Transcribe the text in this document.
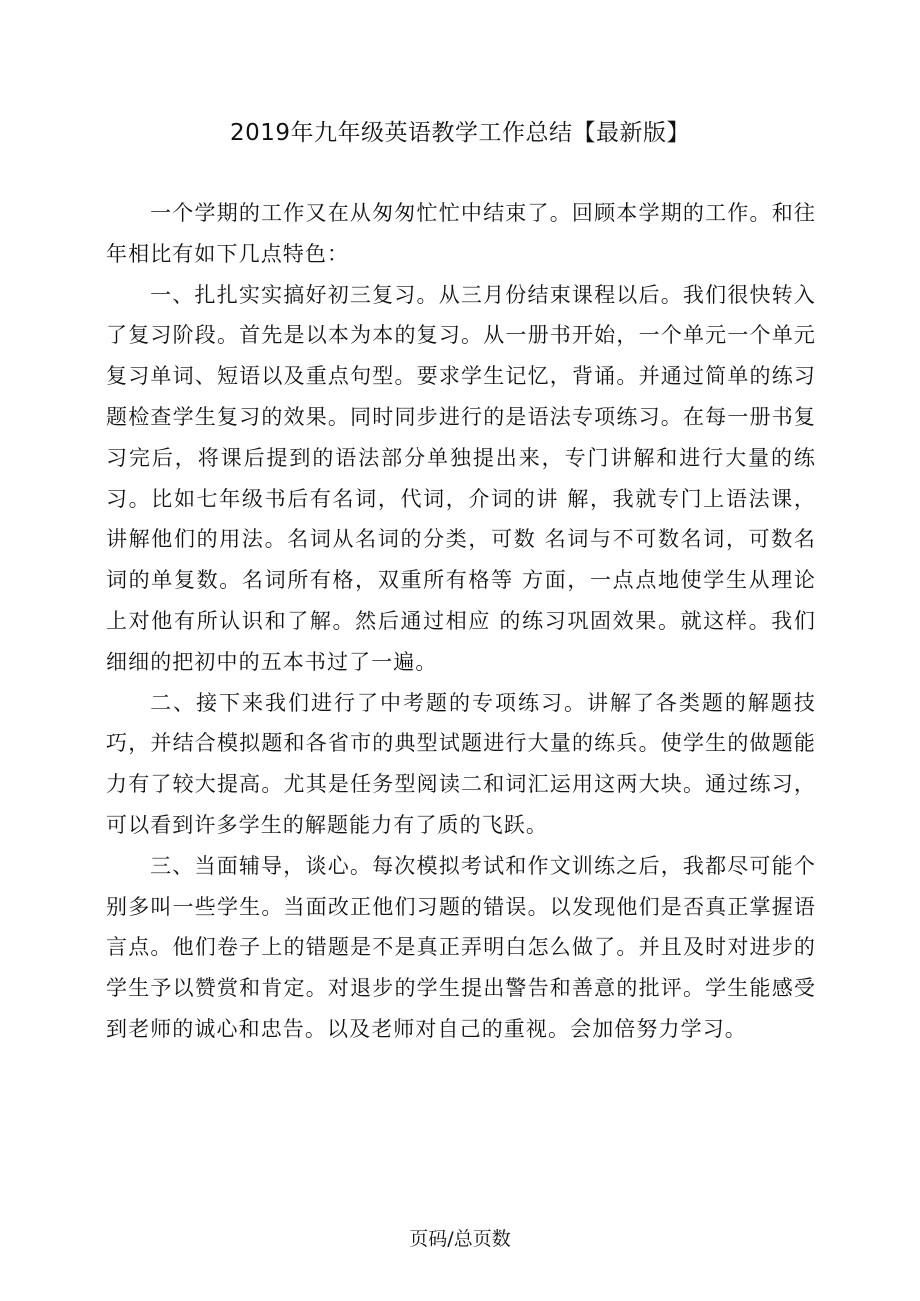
2019年九年级英语教学工作总结【最新版】

一个学期的工作又在从匆匆忙忙中结束了。回顾本学期的工作。和往年相比有如下几点特色：

一、扎扎实实搞好初三复习。从三月份结束课程以后。我们很快转入了复习阶段。首先是以本为本的复习。从一册书开始，一个单元一个单元复习单词、短语以及重点句型。要求学生记忆，背诵。并通过简单的练习题检查学生复习的效果。同时同步进行的是语法专项练习。在每一册书复习完后，将课后提到的语法部分单独提出来，专门讲解和进行大量的练习。比如七年级书后有名词，代词，介词的讲 解，我就专门上语法课，讲解他们的用法。名词从名词的分类，可数 名词与不可数名词，可数名词的单复数。名词所有格，双重所有格等 方面，一点点地使学生从理论上对他有所认识和了解。然后通过相应 的练习巩固效果。就这样。我们细细的把初中的五本书过了一遍。

二、接下来我们进行了中考题的专项练习。讲解了各类题的解题技巧，并结合模拟题和各省市的典型试题进行大量的练兵。使学生的做题能力有了较大提高。尤其是任务型阅读二和词汇运用这两大块。通过练习，可以看到许多学生的解题能力有了质的飞跃。

三、当面辅导，谈心。每次模拟考试和作文训练之后，我都尽可能个别多叫一些学生。当面改正他们习题的错误。以发现他们是否真正掌握语言点。他们卷子上的错题是不是真正弄明白怎么做了。并且及时对进步的学生予以赞赏和肯定。对退步的学生提出警告和善意的批评。学生能感受到老师的诚心和忠告。以及老师对自己的重视。会加倍努力学习。

页码/总页数
